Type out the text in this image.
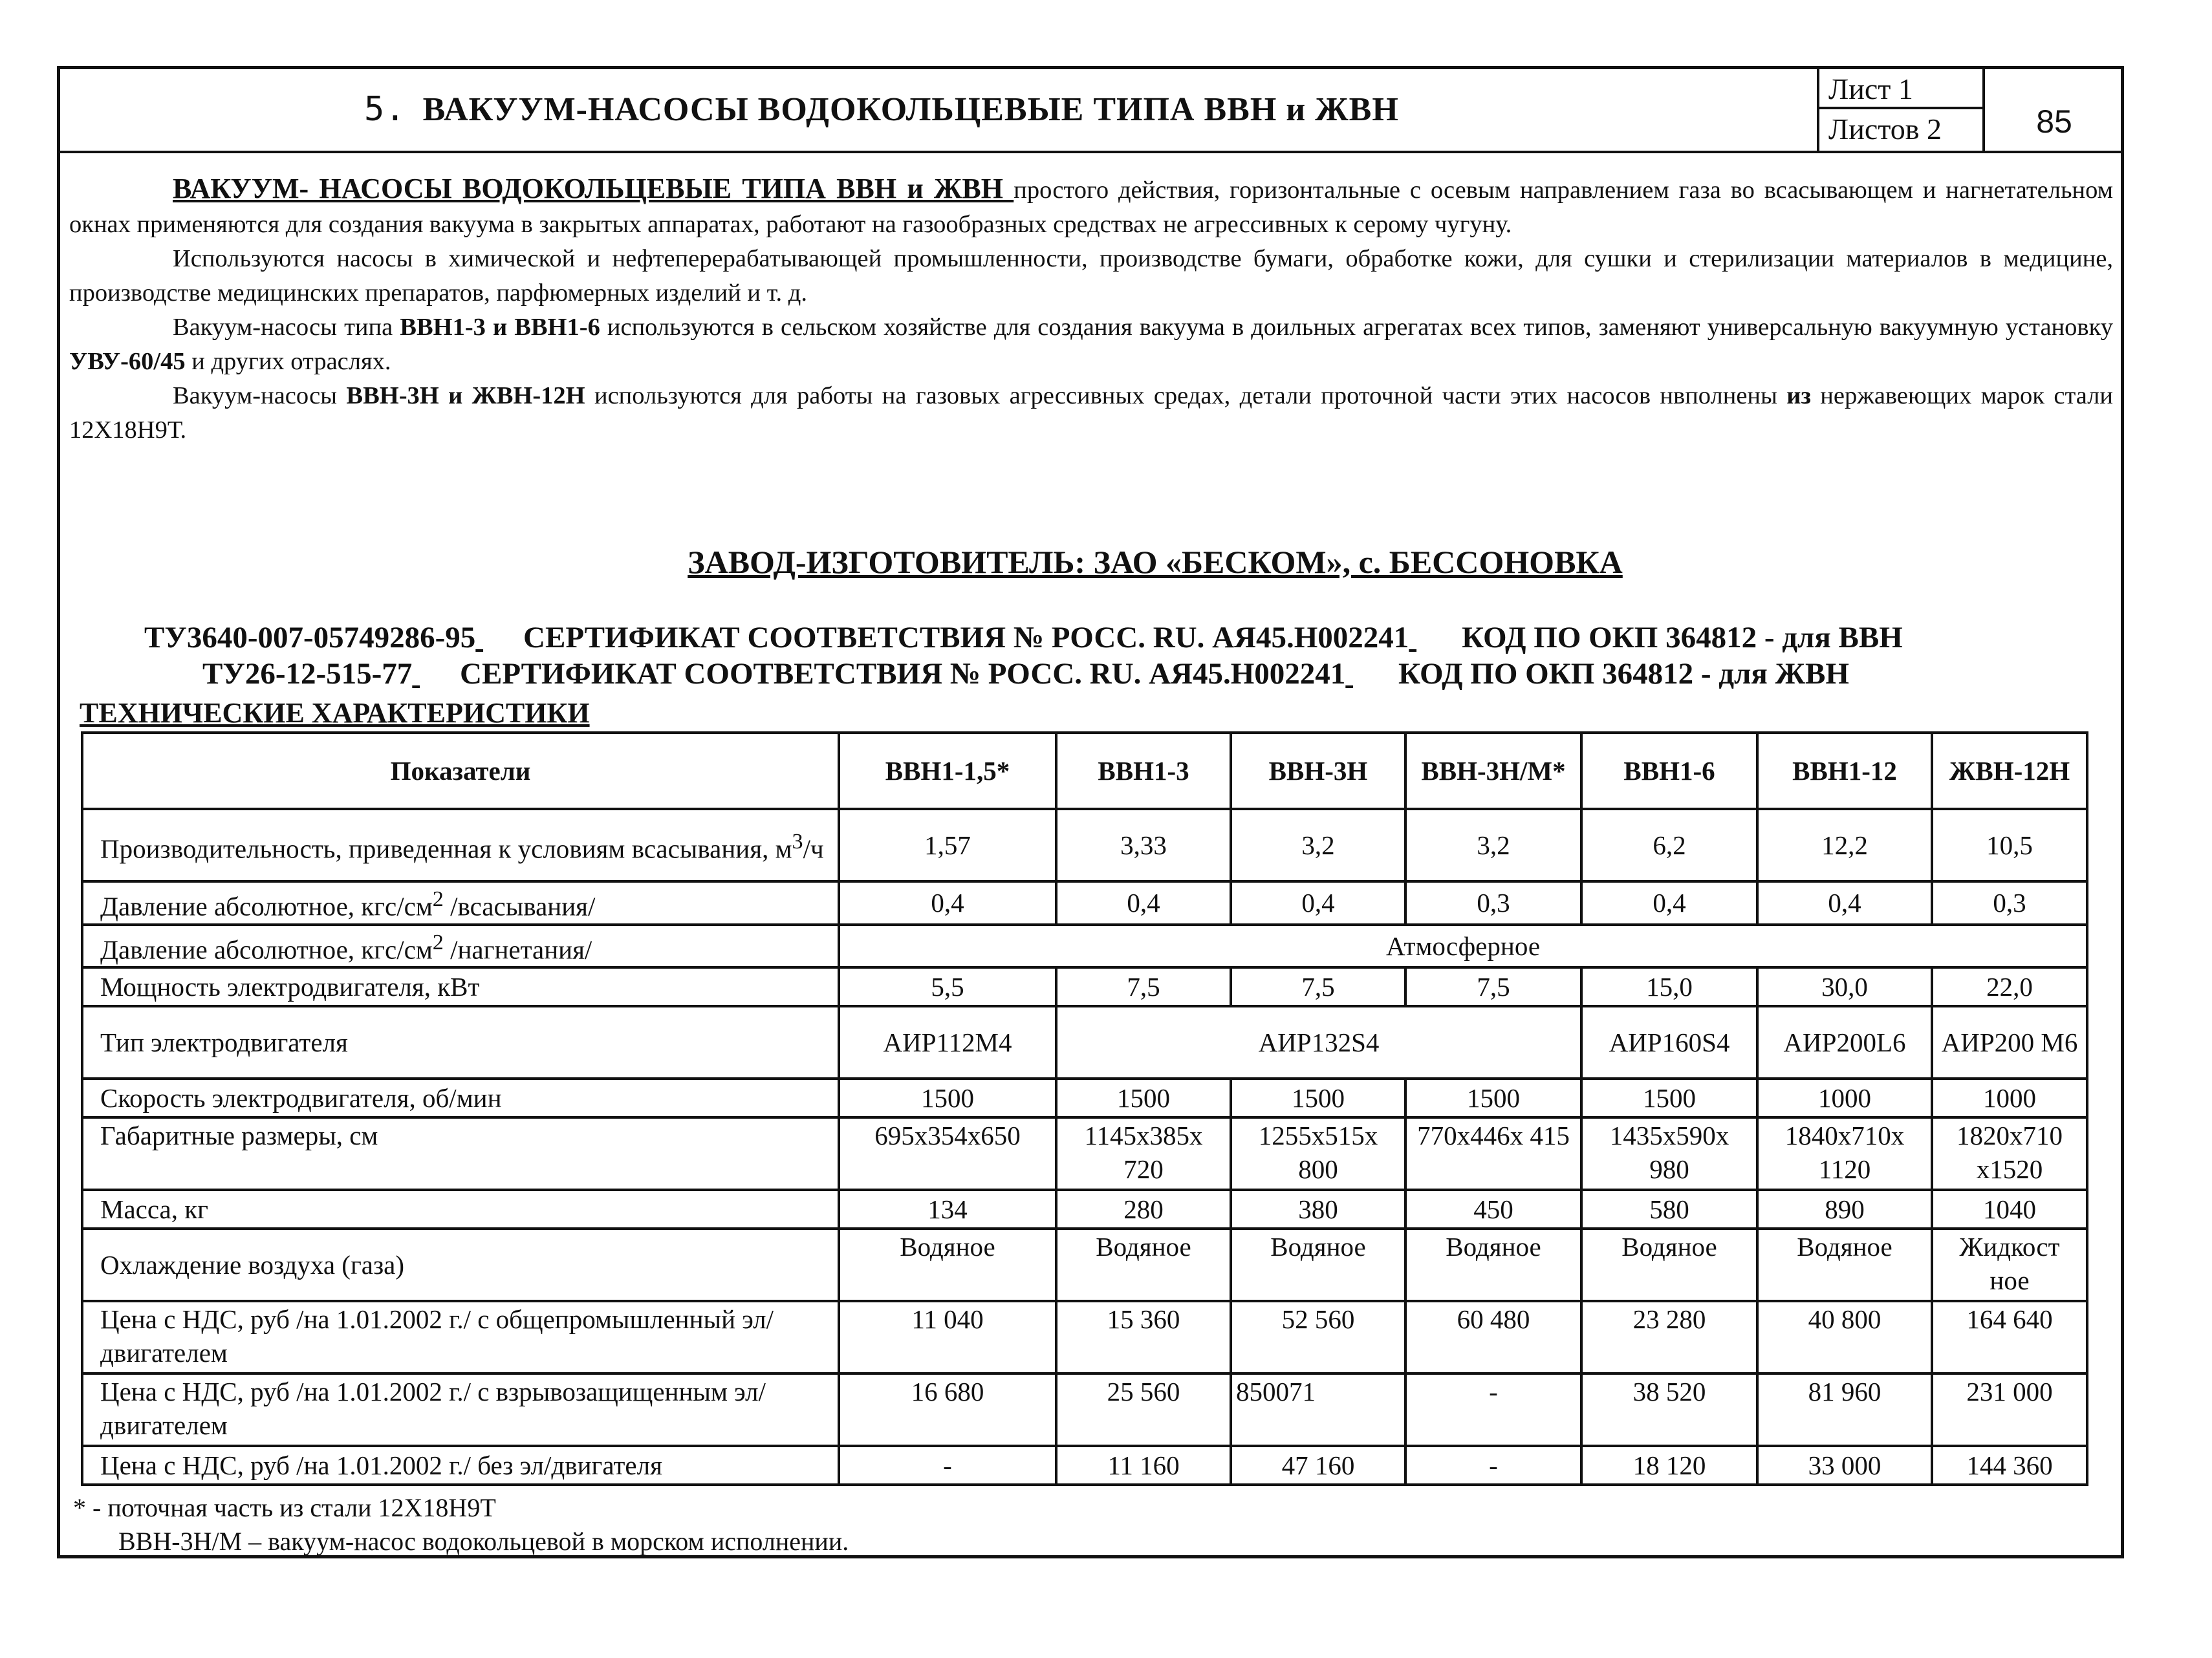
5. ВАКУУМ-НАСОСЫ ВОДОКОЛЬЦЕВЫЕ ТИПА ВВН и ЖВН
Лист 1
Листов 2	85

ВАКУУМ- НАСОСЫ ВОДОКОЛЬЦЕВЫЕ ТИПА ВВН и ЖВН простого действия, горизонтальные с осевым направлением газа во всасывающем и нагнетательном окнах применяются для создания вакуума в закрытых аппаратах, работают на газообразных средствах не агрессивных к серому чугуну.

Используются насосы в химической и нефтеперерабатывающей промышленности, производстве бумаги, обработке кожи, для сушки и стерилизации материалов в медицине, производстве медицинских препаратов, парфюмерных изделий и т. д.

Вакуум-насосы типа ВВН1-3 и ВВН1-6 используются в сельском хозяйстве для создания вакуума в доильных агрегатах всех типов, заменяют универсальную вакуумную установку УВУ-60/45 и других отраслях.

Вакуум-насосы ВВН-3Н и ЖВН-12Н используются для работы на газовых агрессивных средах, детали проточной части этих насосов нвполнены из нержавеющих марок стали 12Х18Н9Т.

ЗАВОД-ИЗГОТОВИТЕЛЬ: ЗАО «БЕСКОМ», с. БЕССОНОВКА
ТУ3640-007-05749286-95 СЕРТИФИКАТ СООТВЕТСТВИЯ № РОСС. RU. АЯ45.Н002241 КОД ПО ОКП 364812 - для ВВН
ТУ26-12-515-77 СЕРТИФИКАТ СООТВЕТСТВИЯ № РОСС. RU. АЯ45.Н002241 КОД ПО ОКП 364812 - для ЖВН
ТЕХНИЧЕСКИЕ ХАРАКТЕРИСТИКИ
Показатели	ВВН1-1,5*	ВВН1-3	ВВН-3Н	ВВН-3Н/М*	ВВН1-6	ВВН1-12	ЖВН-12Н
Производительность, приведенная к условиям всасывания, $м^3/ч$	1,57	3,33	3,2	3,2	6,2	12,2	10,5
Давление абсолютное, кгс/$см^2$ /всасывания/	0,4	0,4	0,4	0,3	0,4	0,4	0,3
Давление абсолютное, кгс/$см^2$ /нагнетания/	Атмосферное						
Мощность электродвигателя, кВт	5,5	7,5	7,5	7,5	15,0	30,0	22,0
Тип электродвигателя	АИР112М4	АИР132S4			АИР160S4	АИР200L6	АИР200 М6
Скорость электродвигателя, об/мин	1500	1500	1500	1500	1500	1000	1000
Габаритные размеры, см	695х354х650	1145х385х 720	1255х515х 800	770х446х 415	1435х590х 980	1840х710х 1120	1820х710 х1520
Масса, кг	134	280	380	450	580	890	1040
Охлаждение воздуха (газа)	Водяное	Водяное	Водяное	Водяное	Водяное	Водяное	Жидкост ное
Цена с НДС, руб /на 1.01.2002 г./ с общепромышленный эл/двигателем	11 040	15 360	52 560	60 480	23 280	40 800	164 640
Цена с НДС, руб /на 1.01.2002 г./ с взрывозащищенным эл/двигателем	16 680	25 560	850071	-	38 520	81 960	231 000
Цена с НДС, руб /на 1.01.2002 г./ без эл/двигателя	-	11 160	47 160	-	18 120	33 000	144 360
* - поточная часть из стали 12Х18Н9Т
ВВН-3Н/М – вакуум-насос водокольцевой в морском исполнении.
